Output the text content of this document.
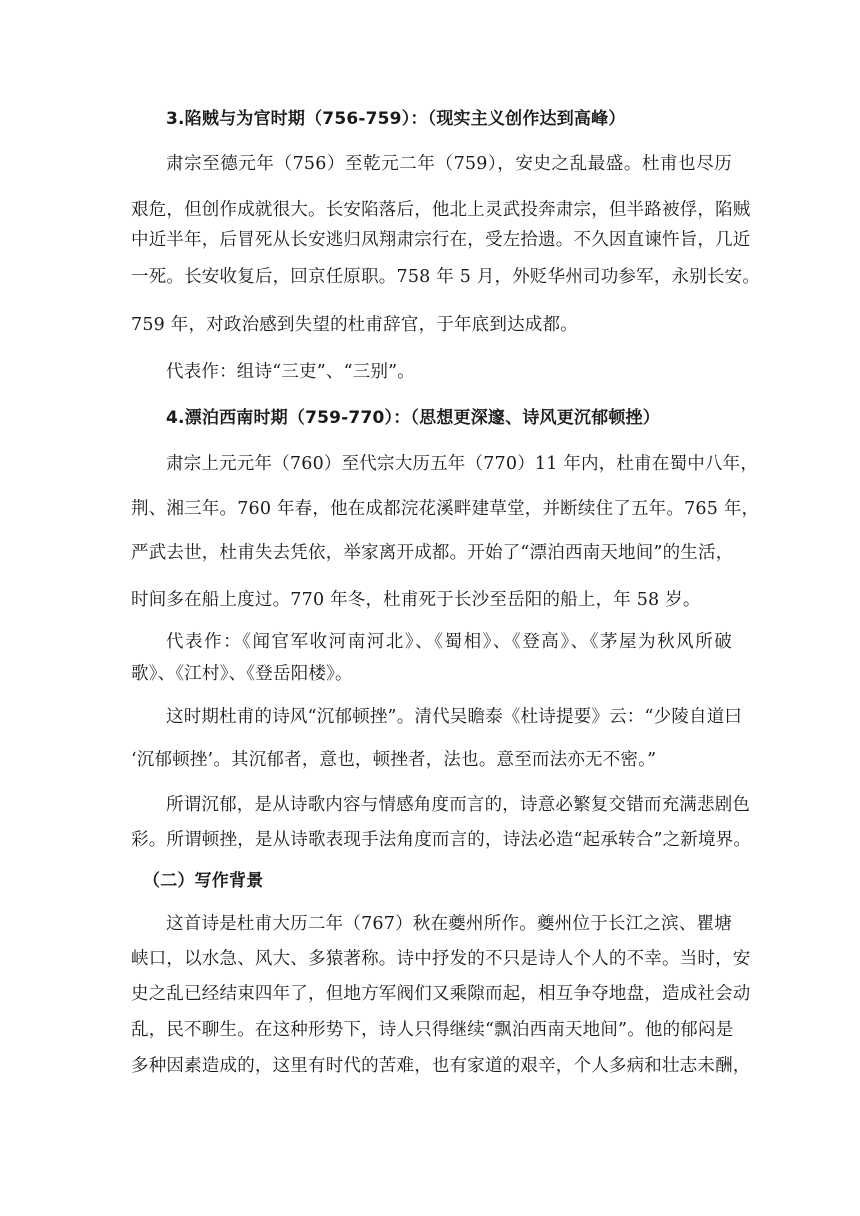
3.陷贼与为官时期（756-759）：（现实主义创作达到高峰）
肃宗至德元年（756）至乾元二年（759），安史之乱最盛。杜甫也尽历
艰危，但创作成就很大。长安陷落后，他北上灵武投奔肃宗，但半路被俘，陷贼
中近半年，后冒死从长安逃归凤翔肃宗行在，受左拾遗。不久因直谏忤旨，几近
一死。长安收复后，回京任原职。758 年 5 月，外贬华州司功参军，永别长安。
759 年，对政治感到失望的杜甫辞官，于年底到达成都。
代表作：组诗“三吏”、“三别”。
4.漂泊西南时期（759-770）：（思想更深邃、诗风更沉郁顿挫）
肃宗上元元年（760）至代宗大历五年（770）11 年内，杜甫在蜀中八年，
荆、湘三年。760 年春，他在成都浣花溪畔建草堂，并断续住了五年。765 年，
严武去世，杜甫失去凭依，举家离开成都。开始了“漂泊西南天地间”的生活，
时间多在船上度过。770 年冬，杜甫死于长沙至岳阳的船上，年 58 岁。
代表作：《闻官军收河南河北》、《蜀相》、《登高》、《茅屋为秋风所破
歌》、《江村》、《登岳阳楼》。
这时期杜甫的诗风“沉郁顿挫”。清代吴瞻泰《杜诗提要》云：“少陵自道曰
‘沉郁顿挫’。其沉郁者，意也，顿挫者，法也。意至而法亦无不密。”
所谓沉郁，是从诗歌内容与情感角度而言的，诗意必繁复交错而充满悲剧色
彩。所谓顿挫，是从诗歌表现手法角度而言的，诗法必造“起承转合”之新境界。
（二）写作背景
这首诗是杜甫大历二年（767）秋在夔州所作。夔州位于长江之滨、瞿塘
峡口，以水急、风大、多猿著称。诗中抒发的不只是诗人个人的不幸。当时，安
史之乱已经结束四年了，但地方军阀们又乘隙而起，相互争夺地盘，造成社会动
乱，民不聊生。在这种形势下，诗人只得继续“飘泊西南天地间”。他的郁闷是
多种因素造成的，这里有时代的苦难，也有家道的艰辛，个人多病和壮志未酬，
